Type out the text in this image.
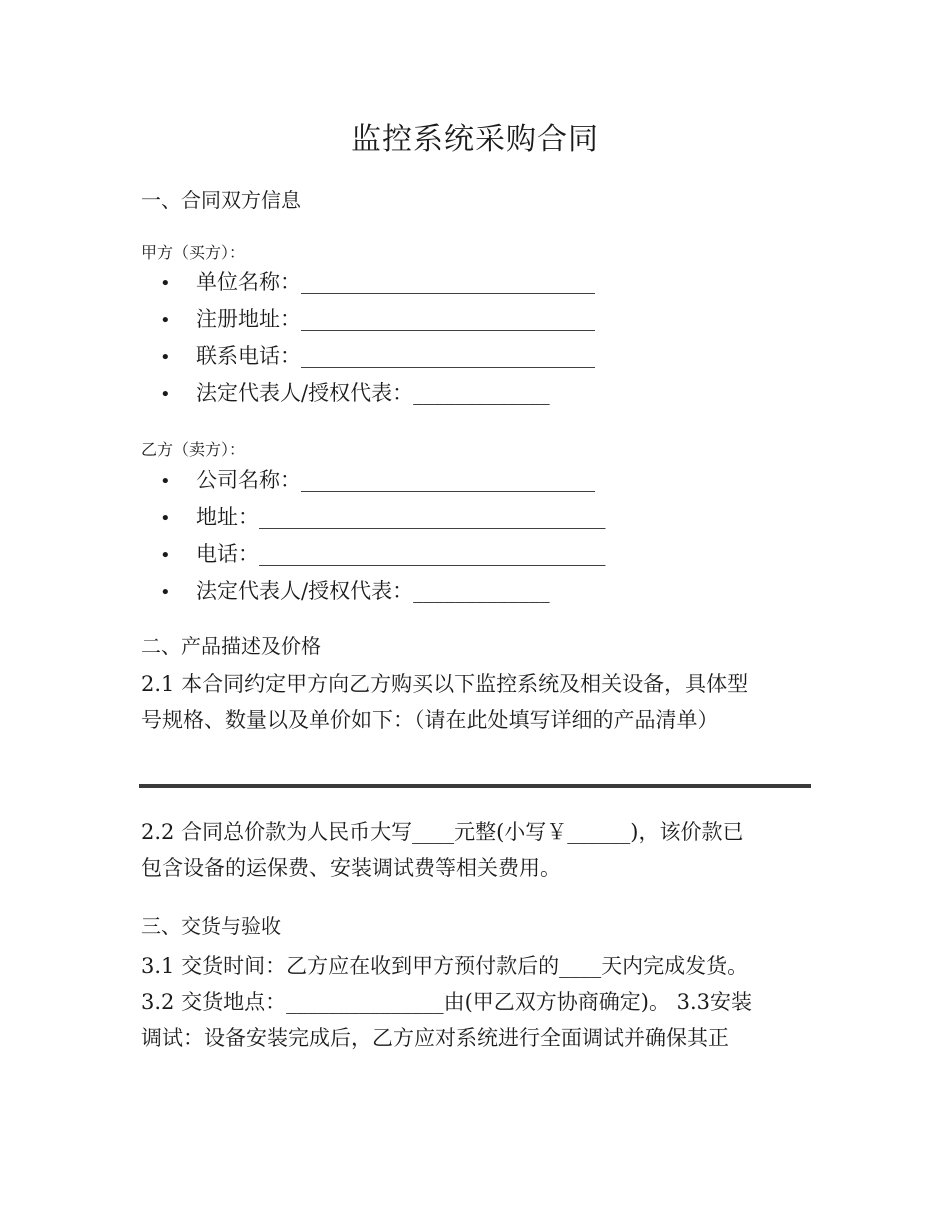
监控系统采购合同
一、合同双方信息
甲方（买方）：
•	单位名称： ____________________________
•	注册地址： ____________________________
•	联系电话： ____________________________
•	法定代表人/授权代表： _____________
乙方（卖方）：
•	公司名称： ____________________________
•	地址： _________________________________
•	电话： _________________________________
•	法定代表人/授权代表： _____________
二、产品描述及价格
2.1 本合同约定甲方向乙方购买以下监控系统及相关设备，具体型
号规格、数量以及单价如下：（请在此处填写详细的产品清单）
2.2 合同总价款为人民币大写____元整(小写￥______)，该价款已
包含设备的运保费、安装调试费等相关费用。
三、交货与验收
3.1 交货时间：乙方应在收到甲方预付款后的____天内完成发货。
3.2 交货地点：_______________由(甲乙双方协商确定)。 3.3安装
调试：设备安装完成后，乙方应对系统进行全面调试并确保其正
